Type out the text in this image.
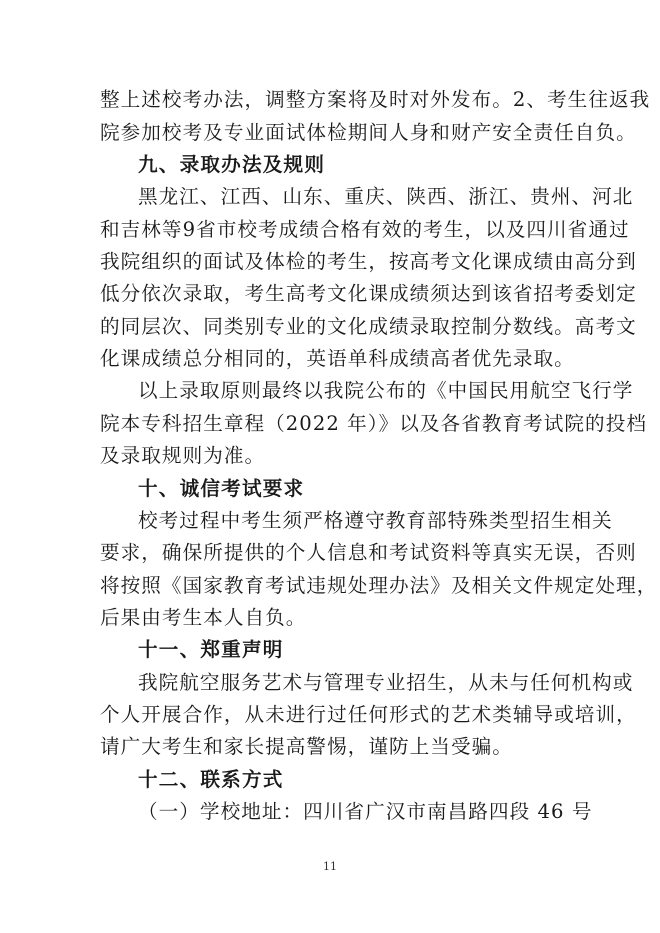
整上述校考办法，调整方案将及时对外发布。2、考生往返我
院参加校考及专业面试体检期间人身和财产安全责任自负。
九、录取办法及规则
黑龙江、江西、山东、重庆、陕西、浙江、贵州、河北
和吉林等9省市校考成绩合格有效的考生，以及四川省通过
我院组织的面试及体检的考生，按高考文化课成绩由高分到
低分依次录取，考生高考文化课成绩须达到该省招考委划定
的同层次、同类别专业的文化成绩录取控制分数线。高考文
化课成绩总分相同的，英语单科成绩高者优先录取。
以上录取原则最终以我院公布的《中国民用航空飞行学
院本专科招生章程（2022 年）》以及各省教育考试院的投档
及录取规则为准。
十、诚信考试要求
校考过程中考生须严格遵守教育部特殊类型招生相关
要求，确保所提供的个人信息和考试资料等真实无误，否则
将按照《国家教育考试违规处理办法》及相关文件规定处理，
后果由考生本人自负。
十一、郑重声明
我院航空服务艺术与管理专业招生，从未与任何机构或
个人开展合作，从未进行过任何形式的艺术类辅导或培训，
请广大考生和家长提高警惕，谨防上当受骗。
十二、联系方式
（一）学校地址：四川省广汉市南昌路四段 46 号
11
